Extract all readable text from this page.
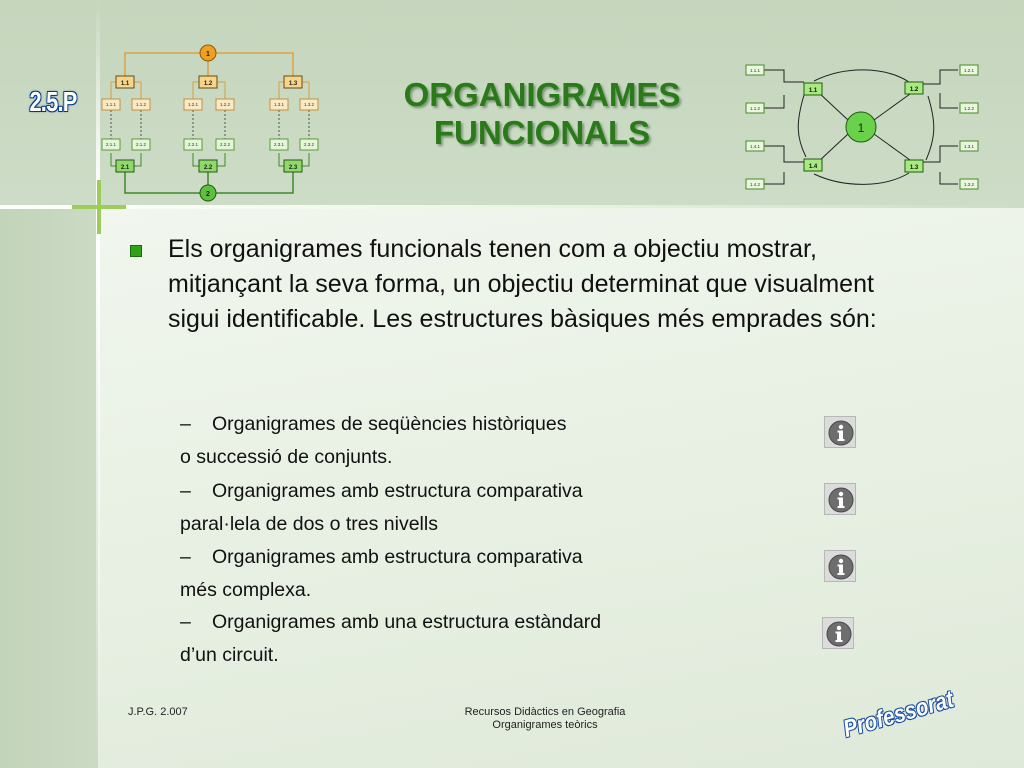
2.5.P	ORGANIGRAMES
FUNCIONALS
1
1.1	1.2	1.3
1.1.1	1.1.2	1.2.1	1.2.2	1.3.1	1.3.2
2.1.1	2.1.2	2.2.1	2.2.2	2.3.1	2.3.2
2.1	2.2	2.3
2
1
1.1	1.2
1.4	1.3
1.1.1
1.1.2
1.4.1
1.4.2
1.2.1
1.2.2
1.3.1
1.3.2
Els organigrames funcionals tenen com a objectiu mostrar, mitjançant la seva forma, un objectiu determinat que visualment sigui identificable. Les estructures bàsiques més emprades són:
– Organigrames de seqüències històriques
o successió de conjunts.
– Organigrames amb estructura comparativa
paral·lela de dos o tres nivells
– Organigrames amb estructura comparativa
més complexa.
– Organigrames amb una estructura estàndard
d’un circuit.
J.P.G. 2.007	Recursos Didàctics en Geografia
Organigrames teòrics	Professorat
